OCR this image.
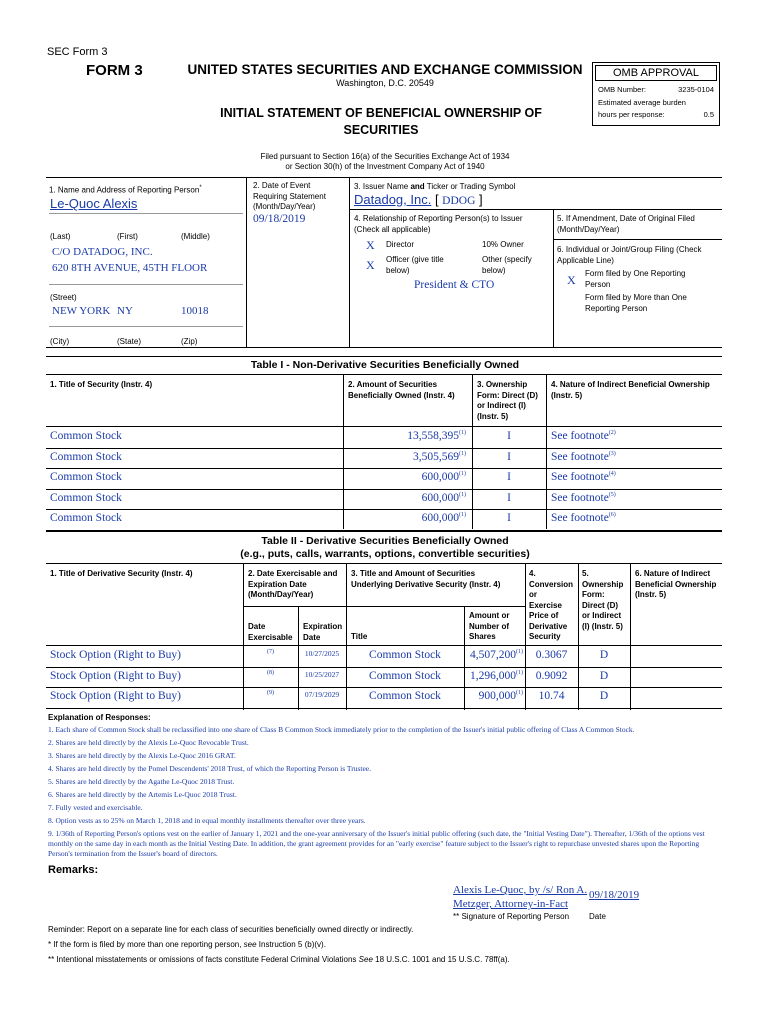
SEC Form 3
FORM 3	UNITED STATES SECURITIES AND EXCHANGE COMMISSION
Washington, D.C. 20549
INITIAL STATEMENT OF BENEFICIAL OWNERSHIP OF
SECURITIES
OMB APPROVAL
OMB Number:	3235-0104
Estimated average burden
hours per response:	0.5
Filed pursuant to Section 16(a) of the Securities Exchange Act of 1934
or Section 30(h) of the Investment Company Act of 1940
1. Name and Address of Reporting Person*
Le-Quoc Alexis
(Last)	(First)	(Middle)
C/O DATADOG, INC.
620 8TH AVENUE, 45TH FLOOR
(Street)
NEW YORK NY	10018
(City)	(State)	(Zip)
2. Date of Event
Requiring Statement
(Month/Day/Year)
09/18/2019
3. Issuer Name and Ticker or Trading Symbol
Datadog, Inc. [ DDOG ]
4. Relationship of Reporting Person(s) to Issuer
(Check all applicable)
X Director	10% Owner
X Officer (give title
below)
Other (specify
below)
President & CTO
5. If Amendment, Date of Original Filed
(Month/Day/Year)
6. Individual or Joint/Group Filing (Check
Applicable Line)
X Form filed by One Reporting
Person
Form filed by More than One
Reporting Person
Table I - Non-Derivative Securities Beneficially Owned
1. Title of Security (Instr. 4)	2. Amount of Securities
Beneficially Owned (Instr. 4)
3. Ownership
Form: Direct (D)
or Indirect (I)
(Instr. 5)
4. Nature of Indirect Beneficial Ownership
(Instr. 5)
Common Stock	13,558,395$^{(1)}$	I	See footnote$^{(2)}$
Common Stock	3,505,569$^{(1)}$	I	See footnote$^{(3)}$
Common Stock	600,000$^{(1)}$	I	See footnote$^{(4)}$
Common Stock	600,000$^{(1)}$	I	See footnote$^{(5)}$
Common Stock	600,000$^{(1)}$	I	See footnote$^{(6)}$
Table II - Derivative Securities Beneficially Owned
(e.g., puts, calls, warrants, options, convertible securities)
1. Title of Derivative Security (Instr. 4)	2. Date Exercisable and
Expiration Date
(Month/Day/Year)
Date
Exercisable
Expiration
Date
3. Title and Amount of Securities
Underlying Derivative Security (Instr. 4)
Title
Amount or
Number of
Shares
4.
Conversion
or
Exercise
Price of
Derivative
Security
5.
Ownership
Form:
Direct (D)
or Indirect
(I) (Instr. 5)
6. Nature of Indirect
Beneficial Ownership
(Instr. 5)
Stock Option (Right to Buy)	(7)	10/27/2025	Common Stock	4,507,200$^{(1)}$	0.3067	D
Stock Option (Right to Buy)	(8)	10/25/2027	Common Stock	1,296,000$^{(1)}$	0.9092	D
Stock Option (Right to Buy)	(9)	07/19/2029	Common Stock	900,000$^{(1)}$	10.74	D
Explanation of Responses:
1. Each share of Common Stock shall be reclassified into one share of Class B Common Stock immediately prior to the completion of the Issuer's initial public offering of Class A Common Stock.
2. Shares are held directly by the Alexis Le-Quoc Revocable Trust.
3. Shares are held directly by the Alexis Le-Quoc 2016 GRAT.
4. Shares are held directly by the Pomel Descendents' 2018 Trust, of which the Reporting Person is Trustee.
5. Shares are held directly by the Agathe Le-Quoc 2018 Trust.
6. Shares are held directly by the Artemis Le-Quoc 2018 Trust.
7. Fully vested and exercisable.
8. Option vests as to 25% on March 1, 2018 and in equal monthly installments thereafter over three years.
9. 1/36th of Reporting Person's options vest on the earlier of January 1, 2021 and the one-year anniversary of the Issuer's initial public offering (such date, the "Initial Vesting Date"). Thereafter, 1/36th of the options vest monthly on the same day in each month as the Initial Vesting Date. In addition, the grant agreement provides for an "early exercise" feature subject to the Issuer's right to repurchase unvested shares upon the Reporting Person's termination from the Issuer's board of directors.
Remarks:
Alexis Le-Quoc, by /s/ Ron A.
Metzger, Attorney-in-Fact
09/18/2019
** Signature of Reporting Person Date
Reminder: Report on a separate line for each class of securities beneficially owned directly or indirectly.
* If the form is filed by more than one reporting person, see Instruction 5 (b)(v).
** Intentional misstatements or omissions of facts constitute Federal Criminal Violations See 18 U.S.C. 1001 and 15 U.S.C. 78ff(a).
